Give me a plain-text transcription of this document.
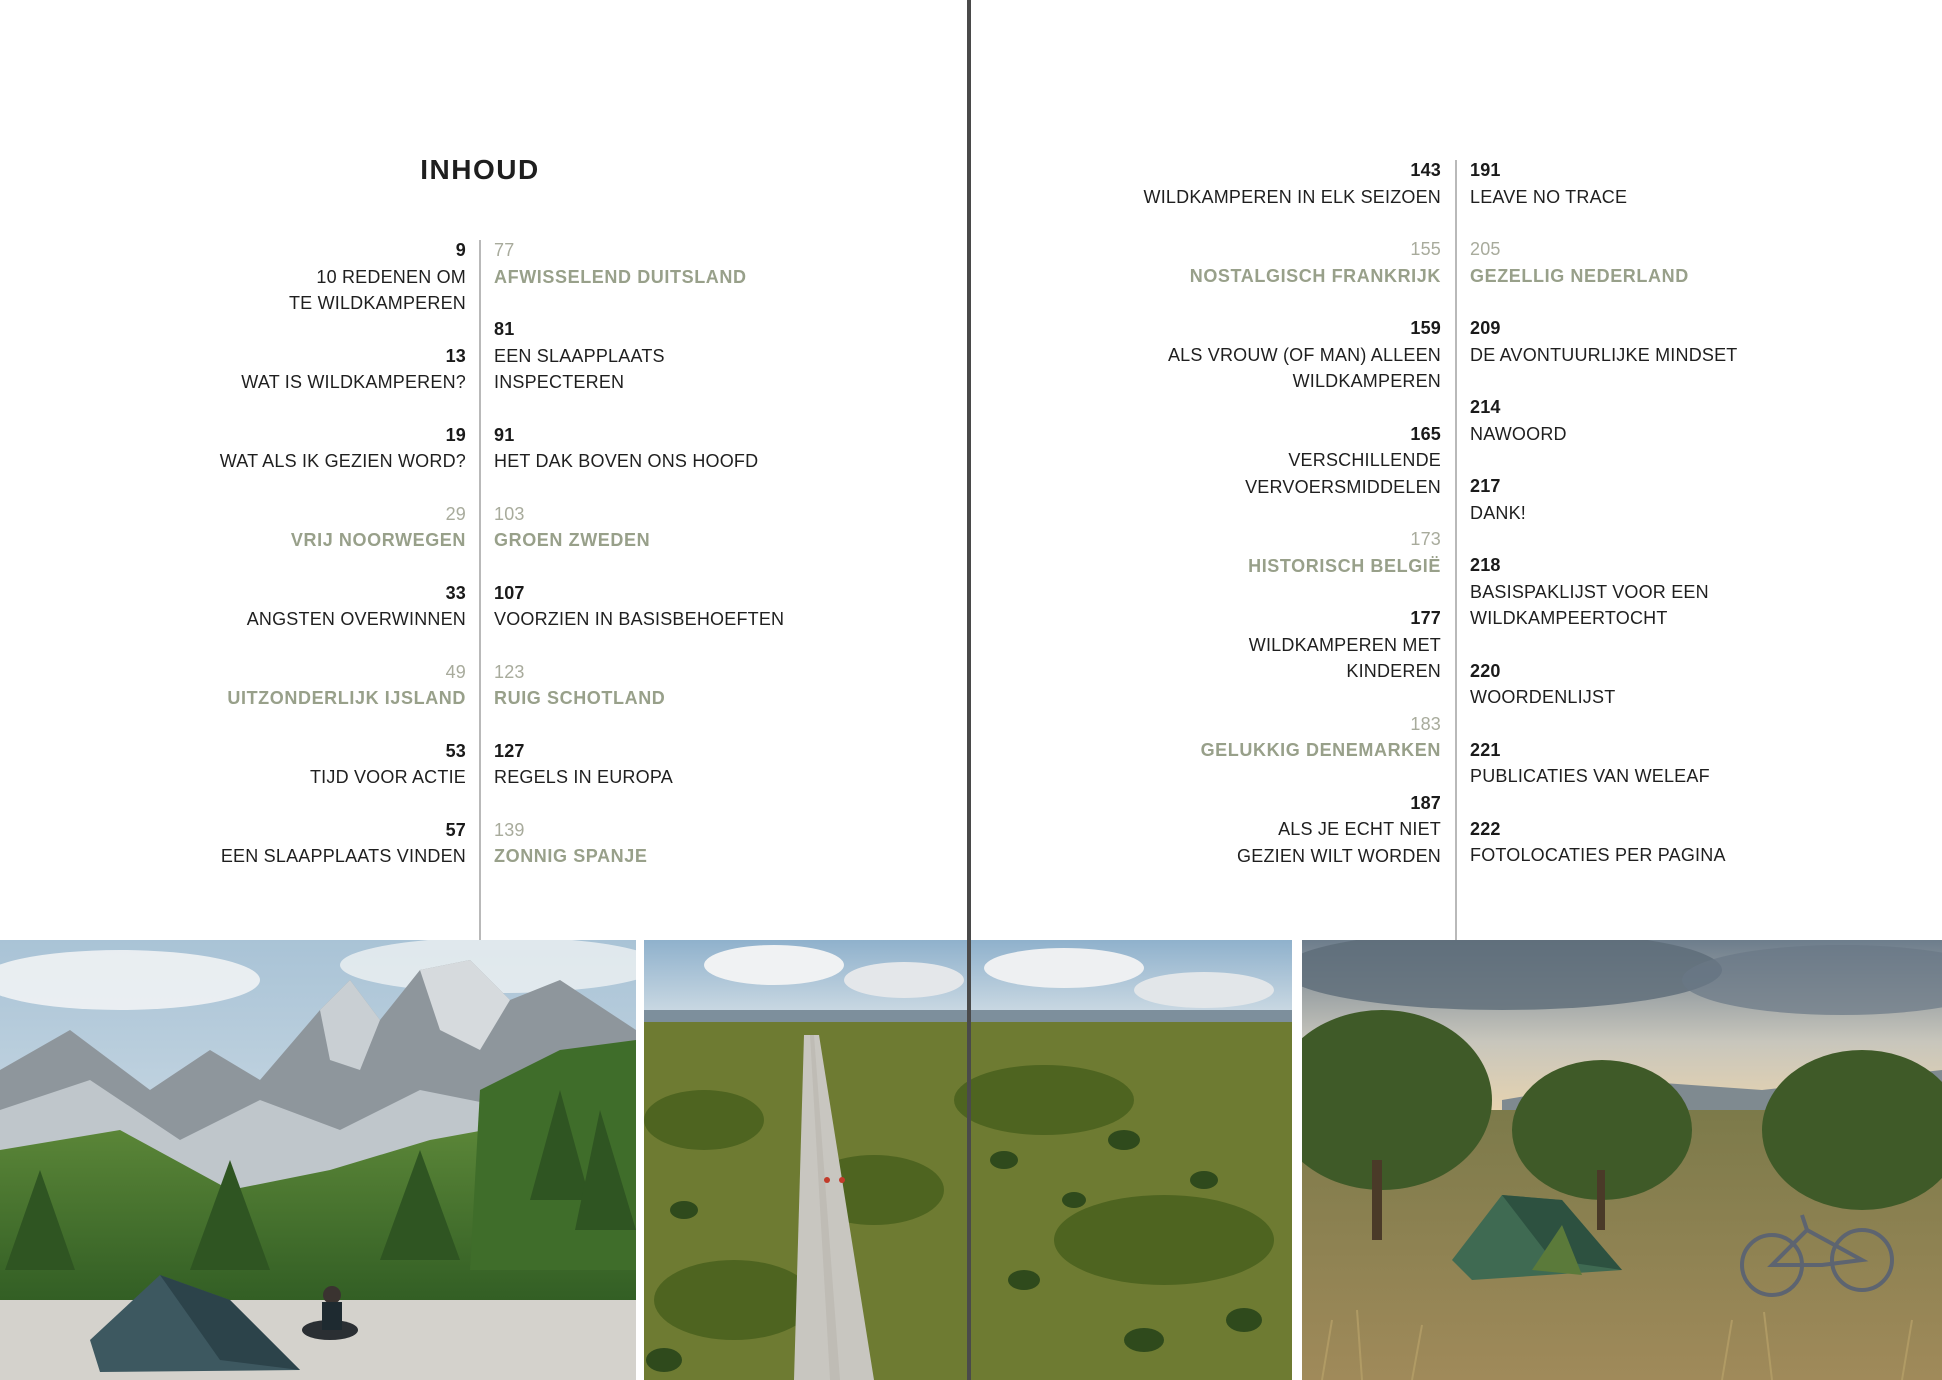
INHOUD
9
10 REDENEN OM
TE WILDKAMPEREN
13
WAT IS WILDKAMPEREN?
19
WAT ALS IK GEZIEN WORD?
29
VRIJ NOORWEGEN
33
ANGSTEN OVERWINNEN
49
UITZONDERLIJK IJSLAND
53
TIJD VOOR ACTIE
57
EEN SLAAPPLAATS VINDEN
77
AFWISSELEND DUITSLAND
81
EEN SLAAPPLAATS
INSPECTEREN
91
HET DAK BOVEN ONS HOOFD
103
GROEN ZWEDEN
107
VOORZIEN IN BASISBEHOEFTEN
123
RUIG SCHOTLAND
127
REGELS IN EUROPA
139
ZONNIG SPANJE
143
WILDKAMPEREN IN ELK SEIZOEN
155
NOSTALGISCH FRANKRIJK
159
ALS VROUW (OF MAN) ALLEEN
WILDKAMPEREN
165
VERSCHILLENDE
VERVOERSMIDDELEN
173
HISTORISCH BELGIË
177
WILDKAMPEREN MET
KINDEREN
183
GELUKKIG DENEMARKEN
187
ALS JE ECHT NIET
GEZIEN WILT WORDEN
191
LEAVE NO TRACE
205
GEZELLIG NEDERLAND
209
DE AVONTUURLIJKE MINDSET
214
NAWOORD
217
DANK!
218
BASISPAKLIJST VOOR EEN
WILDKAMPEERTOCHT
220
WOORDENLIJST
221
PUBLICATIES VAN WELEAF
222
FOTOLOCATIES PER PAGINA
